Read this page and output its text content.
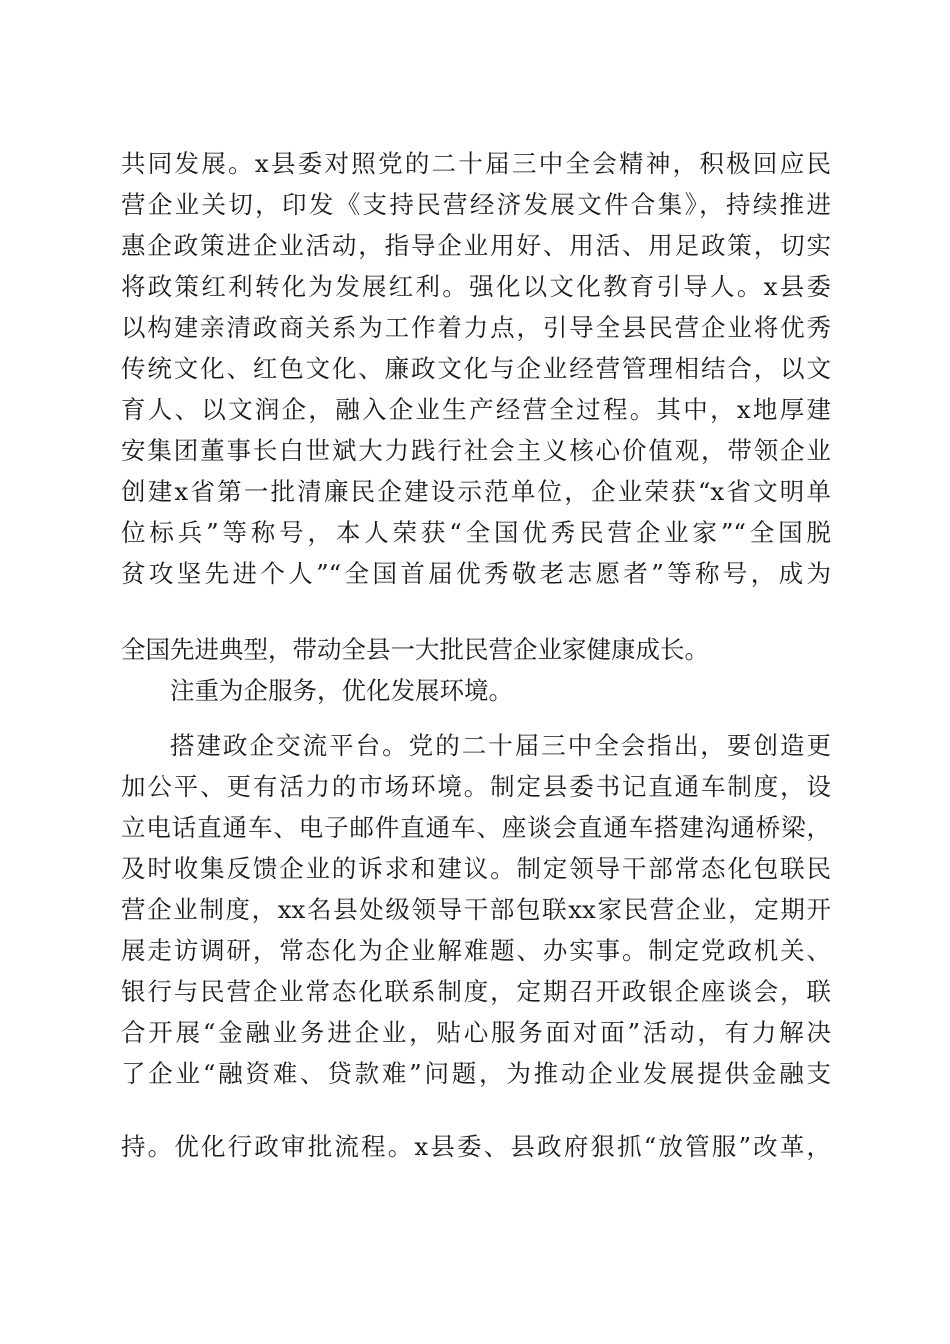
共同发展。x县委对照党的二十届三中全会精神，积极回应民

营企业关切，印发《支持民营经济发展文件合集》，持续推进

惠企政策进企业活动，指导企业用好、用活、用足政策，切实

将政策红利转化为发展红利。强化以文化教育引导人。x县委

以构建亲清政商关系为工作着力点，引导全县民营企业将优秀

传统文化、红色文化、廉政文化与企业经营管理相结合，以文

育人、以文润企，融入企业生产经营全过程。其中，x地厚建

安集团董事长白世斌大力践行社会主义核心价值观，带领企业

创建x省第一批清廉民企建设示范单位，企业荣获“x省文明单

位标兵”等称号，本人荣获“全国优秀民营企业家”“全国脱

贫攻坚先进个人”“全国首届优秀敬老志愿者”等称号，成为

全国先进典型，带动全县一大批民营企业家健康成长。

注重为企服务，优化发展环境。

搭建政企交流平台。党的二十届三中全会指出，要创造更

加公平、更有活力的市场环境。制定县委书记直通车制度，设

立电话直通车、电子邮件直通车、座谈会直通车搭建沟通桥梁，

及时收集反馈企业的诉求和建议。制定领导干部常态化包联民

营企业制度，xx名县处级领导干部包联xx家民营企业，定期开

展走访调研，常态化为企业解难题、办实事。制定党政机关、

银行与民营企业常态化联系制度，定期召开政银企座谈会，联

合开展“金融业务进企业，贴心服务面对面”活动，有力解决

了企业“融资难、贷款难”问题，为推动企业发展提供金融支

持。优化行政审批流程。x县委、县政府狠抓“放管服”改革，
